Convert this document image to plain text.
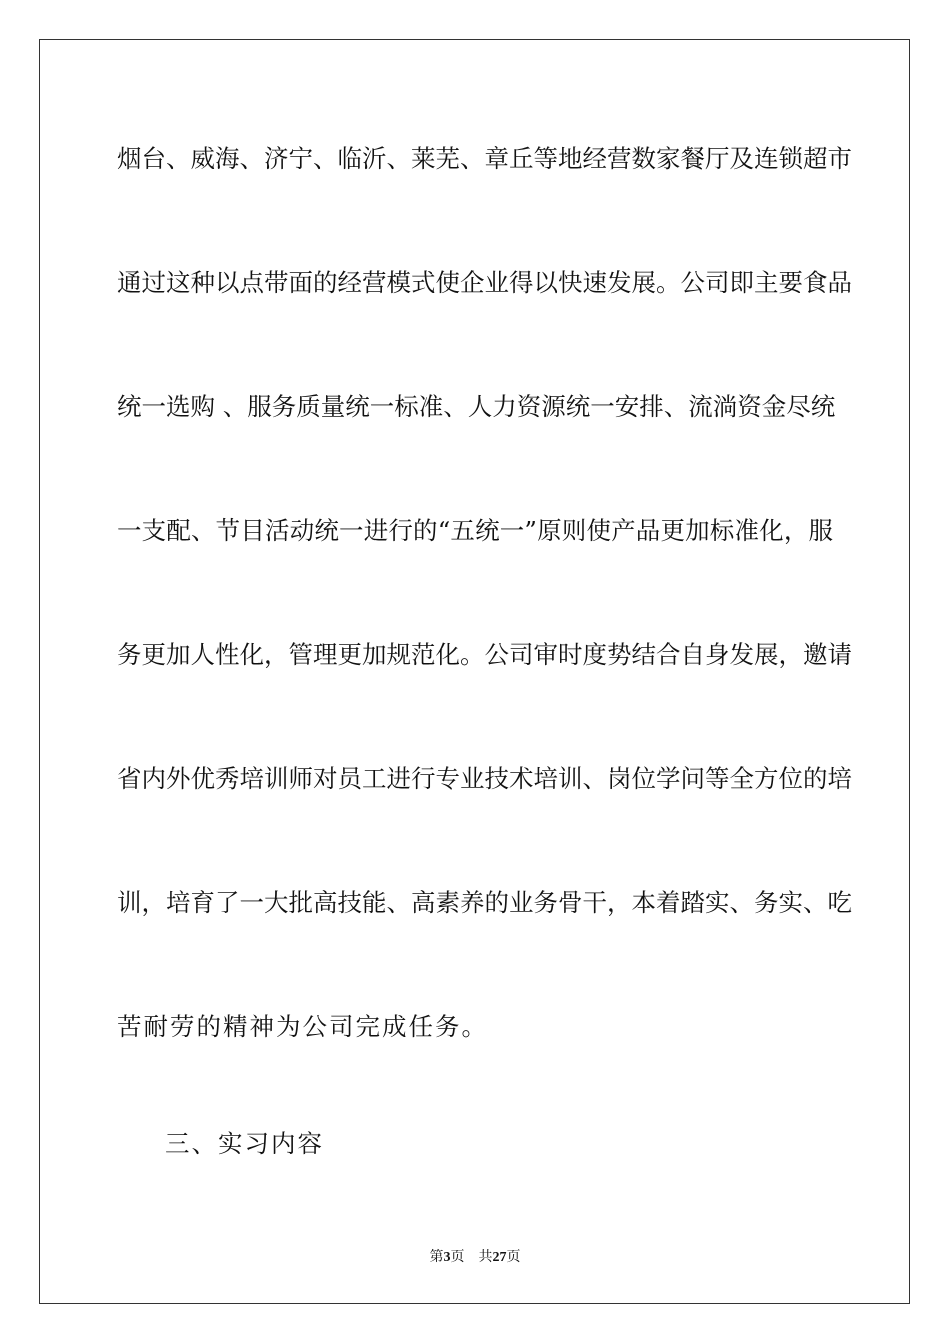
烟台、威海、济宁、临沂、莱芜、章丘等地经营数家餐厅及连锁超市
通过这种以点带面的经营模式使企业得以快速发展。公司即主要食品
统一选购 、服务质量统一标准、人力资源统一安排、流淌资金尽统
一支配、节目活动统一进行的“五统一”原则使产品更加标准化，服
务更加人性化，管理更加规范化。公司审时度势结合自身发展，邀请
省内外优秀培训师对员工进行专业技术培训、岗位学问等全方位的培
训，培育了一大批高技能、高素养的业务骨干，本着踏实、务实、吃
苦耐劳的精神为公司完成任务。
三、实习内容
第3页 共27页
